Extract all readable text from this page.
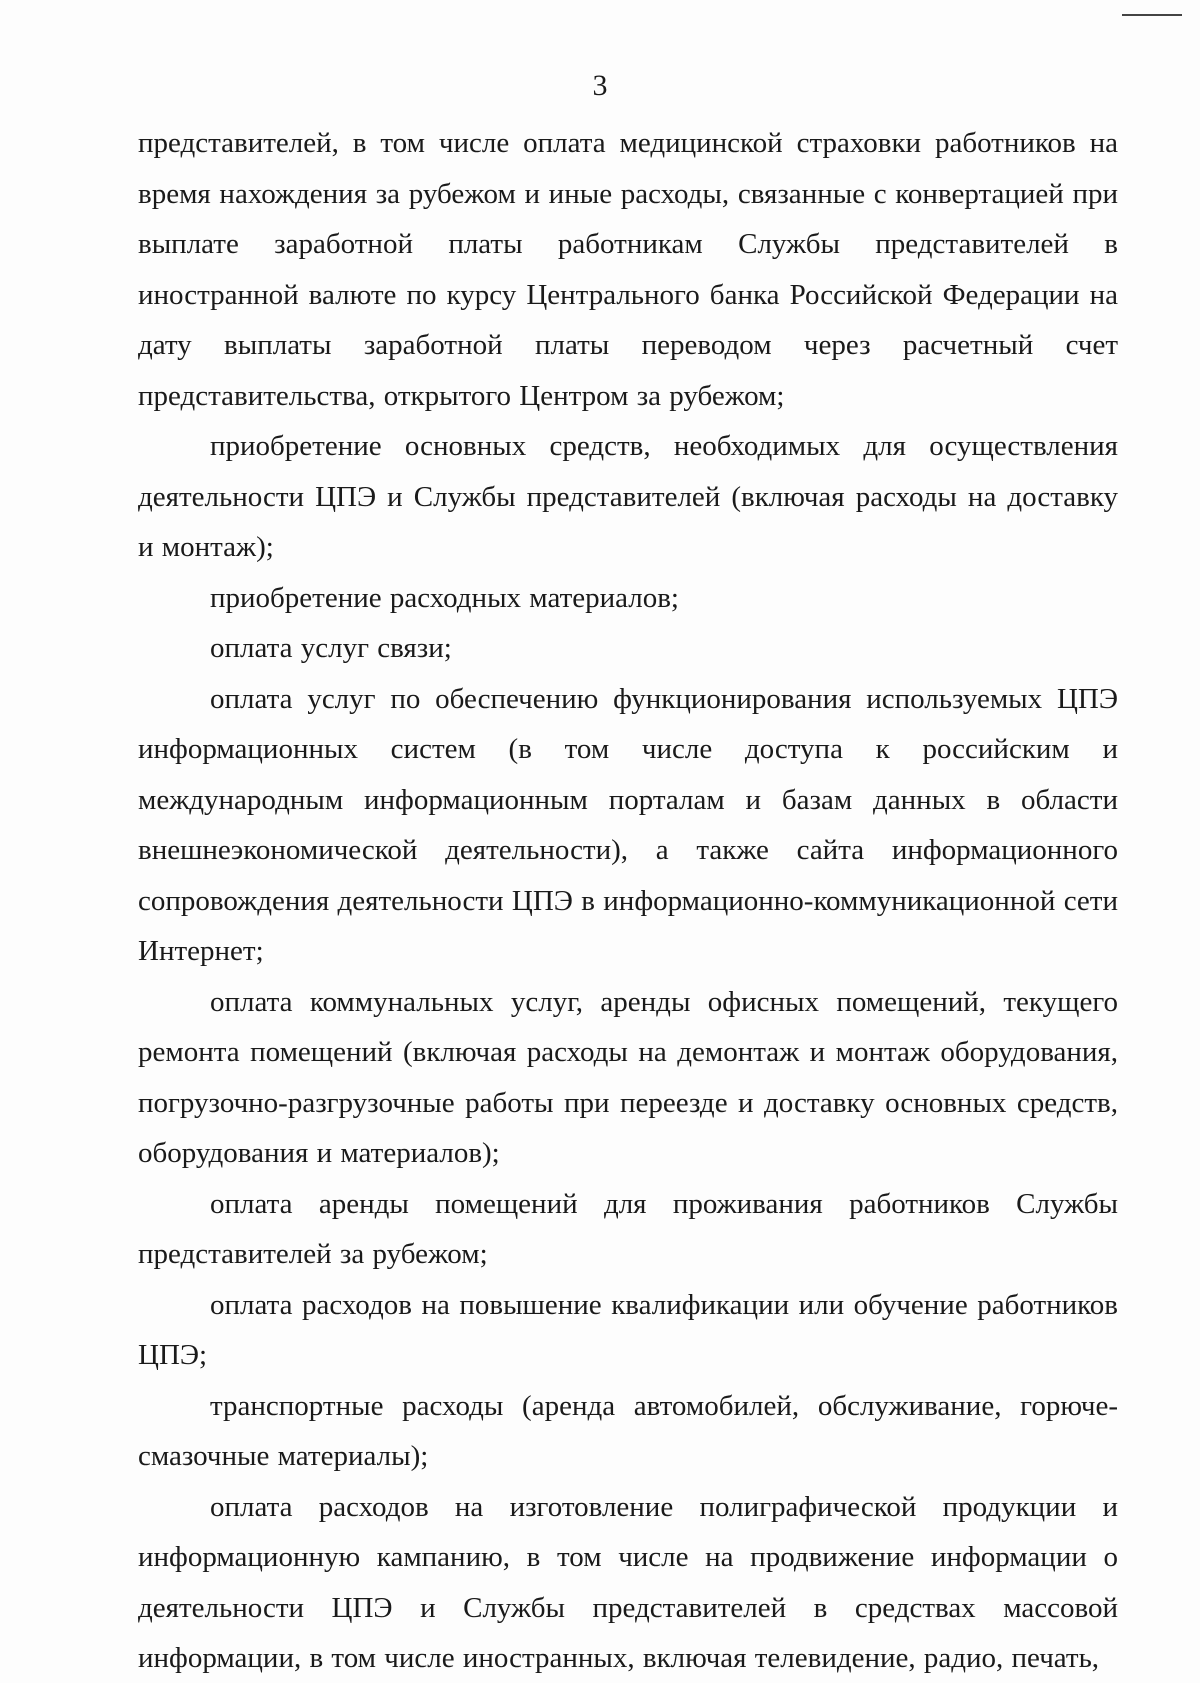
3

представителей, в том числе оплата медицинской страховки работников на время нахождения за рубежом и иные расходы, связанные с конвертацией при выплате заработной платы работникам Службы представителей в иностранной валюте по курсу Центрального банка Российской Федерации на дату выплаты заработной платы переводом через расчетный счет представительства, открытого Центром за рубежом;

приобретение основных средств, необходимых для осуществления деятельности ЦПЭ и Службы представителей (включая расходы на доставку и монтаж);

приобретение расходных материалов;

оплата услуг связи;

оплата услуг по обеспечению функционирования используемых ЦПЭ информационных систем (в том числе доступа к российским и международным информационным порталам и базам данных в области внешнеэкономической деятельности), а также сайта информационного сопровождения деятельности ЦПЭ в информационно-коммуникационной сети Интернет;

оплата коммунальных услуг, аренды офисных помещений, текущего ремонта помещений (включая расходы на демонтаж и монтаж оборудования, погрузочно-разгрузочные работы при переезде и доставку основных средств, оборудования и материалов);

оплата аренды помещений для проживания работников Службы представителей за рубежом;

оплата расходов на повышение квалификации или обучение работников ЦПЭ;

транспортные расходы (аренда автомобилей, обслуживание, горюче-смазочные материалы);

оплата расходов на изготовление полиграфической продукции и информационную кампанию, в том числе на продвижение информации о деятельности ЦПЭ и Службы представителей в средствах массовой информации, в том числе иностранных, включая телевидение, радио, печать,
